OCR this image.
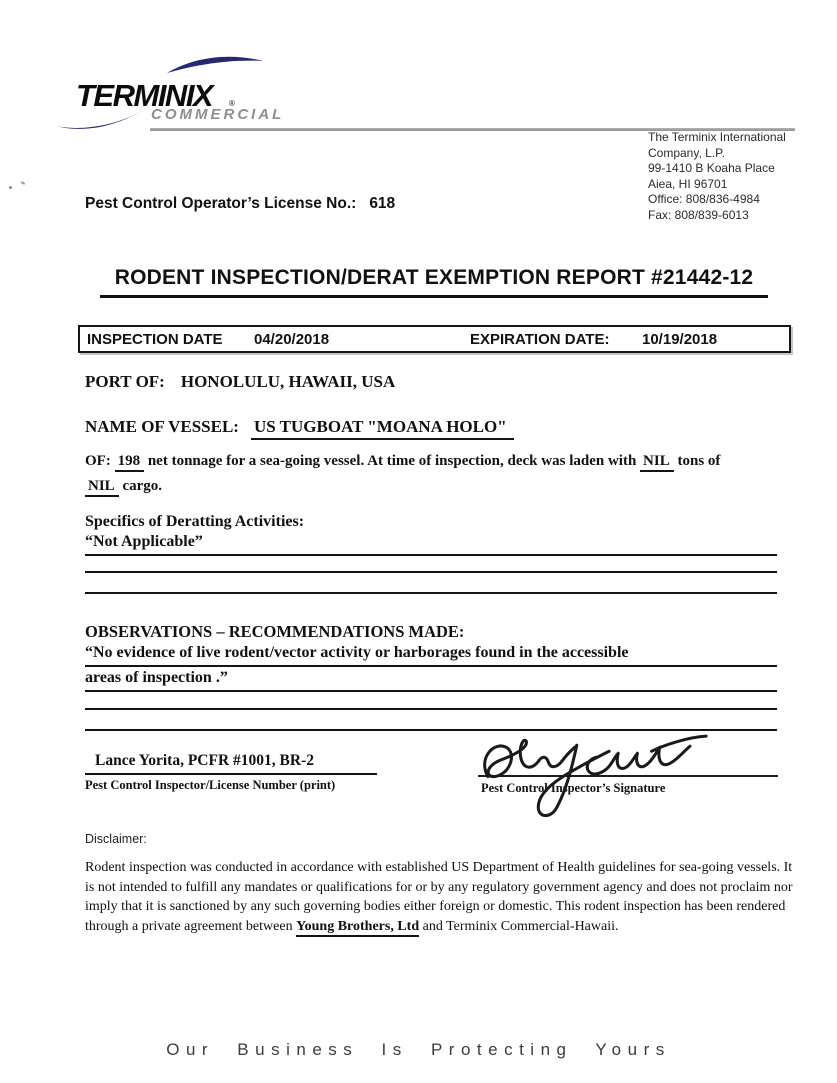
TERMINIX ®
COMMERCIAL
The Terminix International
Company, L.P.
99-1410 B Koaha Place
Aiea, HI 96701
Office: 808/836-4984
Fax: 808/839-6013
Pest Control Operator’s License No.: 618
RODENT INSPECTION/DERAT EXEMPTION REPORT #21442-12
INSPECTION DATE 04/20/2018	EXPIRATION DATE: 10/19/2018
PORT OF: HONOLULU, HAWAII, USA
NAME OF VESSEL: US TUGBOAT "MOANA HOLO"
OF: 198 net tonnage for a sea-going vessel. At time of inspection, deck was laden with NIL tons of
NIL cargo.
Specifics of Deratting Activities:
“Not Applicable”
OBSERVATIONS – RECOMMENDATIONS MADE:
“No evidence of live rodent/vector activity or harborages found in the accessible
areas of inspection .”
Lance Yorita, PCFR #1001, BR-2
Pest Control Inspector/License Number (print)	Pest Control Inspector’s Signature
Disclaimer:
Rodent inspection was conducted in accordance with established US Department of Health guidelines for sea-going vessels. It is not intended to fulfill any mandates or qualifications for or by any regulatory government agency and does not proclaim nor imply that it is sanctioned by any such governing bodies either foreign or domestic. This rodent inspection has been rendered through a private agreement between Young Brothers, Ltd and Terminix Commercial-Hawaii.
Our Business Is Protecting Yours
